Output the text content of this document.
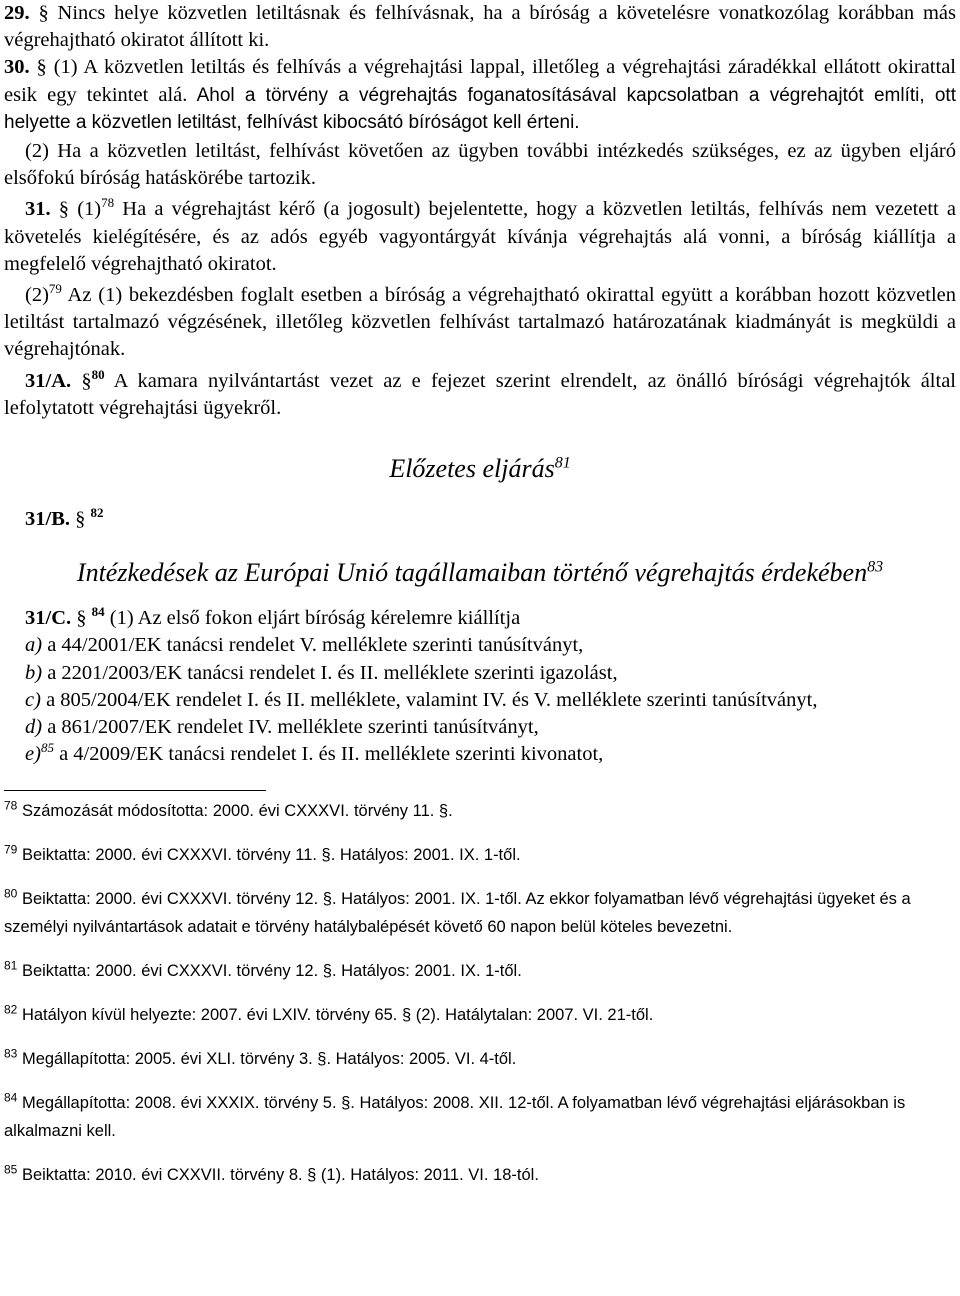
29. § Nincs helye közvetlen letiltásnak és felhívásnak, ha a bíróság a követelésre vonatkozólag korábban más végrehajtható okiratot állított ki.

30. § (1) A közvetlen letiltás és felhívás a végrehajtási lappal, illetőleg a végrehajtási záradékkal ellátott okirattal esik egy tekintet alá. Ahol a törvény a végrehajtás foganatosításával kapcsolatban a végrehajtót említi, ott helyette a közvetlen letiltást, felhívást kibocsátó bíróságot kell érteni.

(2) Ha a közvetlen letiltást, felhívást követően az ügyben további intézkedés szükséges, ez az ügyben eljáró elsőfokú bíróság hatáskörébe tartozik.

31. § $(1)^{78}$ Ha a végrehajtást kérő (a jogosult) bejelentette, hogy a közvetlen letiltás, felhívás nem vezetett a követelés kielégítésére, és az adós egyéb vagyontárgyát kívánja végrehajtás alá vonni, a bíróság kiállítja a megfelelő végrehajtható okiratot.

$(2)^{79}$ Az (1) bekezdésben foglalt esetben a bíróság a végrehajtható okirattal együtt a korábban hozott közvetlen letiltást tartalmazó végzésének, illetőleg közvetlen felhívást tartalmazó határozatának kiadmányát is megküldi a végrehajtónak.

31/A. §$^{80}$ A kamara nyilvántartást vezet az e fejezet szerint elrendelt, az önálló bírósági végrehajtók által lefolytatott végrehajtási ügyekről.

Előzetes eljárás$^{81}$

31/B. § $^{82}$

Intézkedések az Európai Unió tagállamaiban történő végrehajtás érdekében$^{83}$

31/C. § $^{84}$ (1) Az első fokon eljárt bíróság kérelemre kiállítja

a) a 44/2001/EK tanácsi rendelet V. melléklete szerinti tanúsítványt,

b) a 2201/2003/EK tanácsi rendelet I. és II. melléklete szerinti igazolást,

c) a 805/2004/EK rendelet I. és II. melléklete, valamint IV. és V. melléklete szerinti tanúsítványt,

d) a 861/2007/EK rendelet IV. melléklete szerinti tanúsítványt,

e)$^{85}$ a 4/2009/EK tanácsi rendelet I. és II. melléklete szerinti kivonatot,

$^{78}$ Számozását módosította: 2000. évi CXXXVI. törvény 11. §.

$^{79}$ Beiktatta: 2000. évi CXXXVI. törvény 11. §. Hatályos: 2001. IX. 1-től.

$^{80}$ Beiktatta: 2000. évi CXXXVI. törvény 12. §. Hatályos: 2001. IX. 1-től. Az ekkor folyamatban lévő végrehajtási ügyeket és a személyi nyilvántartások adatait e törvény hatálybalépését követő 60 napon belül köteles bevezetni.

$^{81}$ Beiktatta: 2000. évi CXXXVI. törvény 12. §. Hatályos: 2001. IX. 1-től.

$^{82}$ Hatályon kívül helyezte: 2007. évi LXIV. törvény 65. § (2). Hatálytalan: 2007. VI. 21-től.

$^{83}$ Megállapította: 2005. évi XLI. törvény 3. §. Hatályos: 2005. VI. 4-től.

$^{84}$ Megállapította: 2008. évi XXXIX. törvény 5. §. Hatályos: 2008. XII. 12-től. A folyamatban lévő végrehajtási eljárásokban is alkalmazni kell.

$^{85}$ Beiktatta: 2010. évi CXXVII. törvény 8. § (1). Hatályos: 2011. VI. 18-tól.
